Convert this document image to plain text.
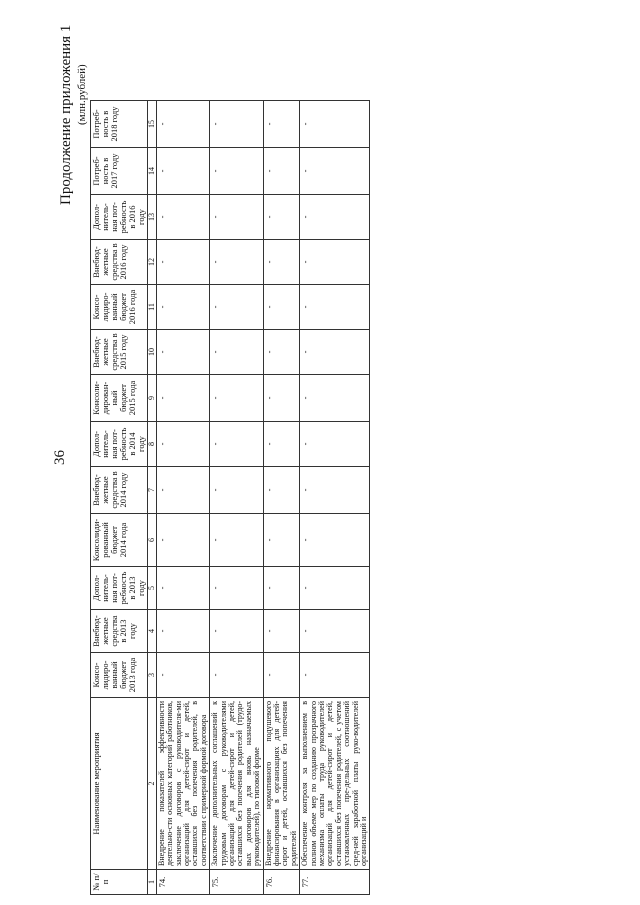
36
Продолжение приложения 1 (млн.рублей)
№ п/п	Наименование мероприятия	Консо-лидиро-ванный бюджет 2013 года	Внебюд-жетные средства в 2013 году	Допол-нитель-ная пот-ребность в 2013 году	Консолиди-рованный бюджет 2014 года	Внебюд-жетные средства в 2014 году	Допол-нитель-ная пот-ребность в 2014 году	Консоли-дирован-ный бюджет 2015 года	Внебюд-жетные средства в 2015 году	Консо-лидиро-ванный бюджет 2016 года	Внебюд-жетные средства в 2016 году	Допол-нитель-ная пот-ребность в 2016 году	Потреб-ность в 2017 году	Потреб-ность в 2018 году
1	2	3	4	5	6	7	8	9	10	11	12	13	14	15
74.	Внедрение показателей эффективности деятельно-сти основных категорий работников, заключение договоров с руководителя-ми организаций для детей-сирот и детей, оставшихся без попечения родителей, в соответствии с примерной формой договора	-	-	-	-	-	-	-	-	-	-	-	-	-
75.	Заключение дополнительных соглашений к трудовым договорам с руководителями организаций для детей-сирот и детей, оставшихся без попечения родителей (трудо-вых договоров для вновь назначаемых руководителей), по типовой форме	-	-	-	-	-	-	-	-	-	-	-	-	-
76.	Внедрение нормативного подушевого финансирования в организациях для детей-сирот и детей, оставшихся без попечения родителей	-	-	-	-	-	-	-	-	-	-	-	-	-
77.	Обеспечение контроля за выполнением в полном объеме мер по созданию прозрачного механизма оплаты труда руководителей организаций для детей-сирот и детей, оставшихся без попечения родителей, с учетом установленных пре-дельных соотношений сред-ней заработной платы руко-водителей организаций и	-	-	-	-	-	-	-	-	-	-	-	-	-
